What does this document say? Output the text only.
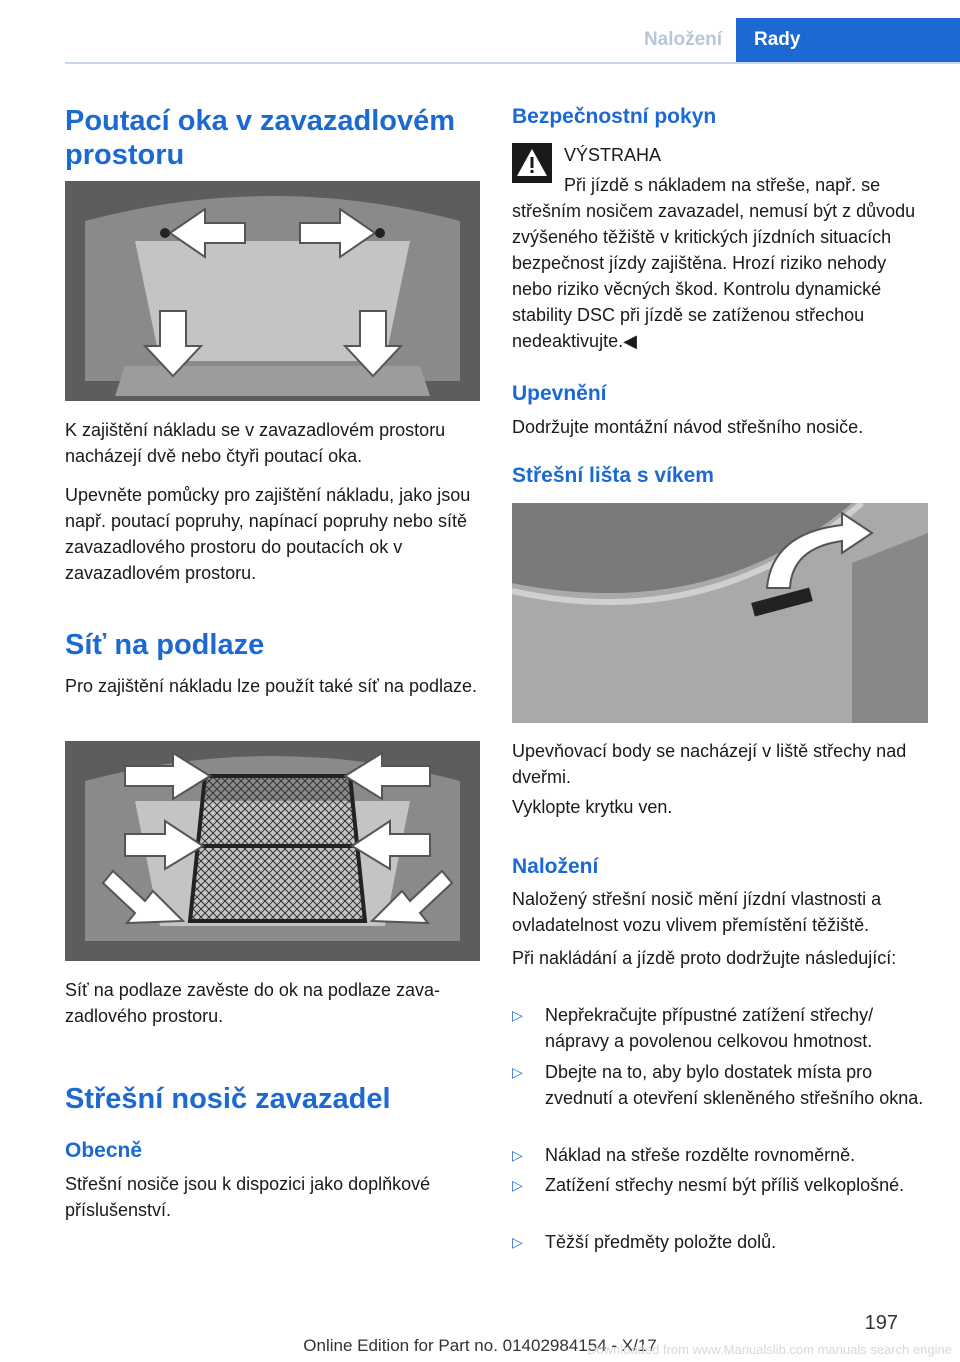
Naložení	Rady
Poutací oka v zavazadlovém prostoru

K zajištění nákladu se v zavazadlovém prostoru nacházejí dvě nebo čtyři poutací oka.

Upevněte pomůcky pro zajištění nákladu, jako jsou např. poutací popruhy, napínací popruhy nebo sítě zavazadlového prostoru do poutacích ok v zavazadlovém prostoru.

Síť na podlaze

Pro zajištění nákladu lze použít také síť na podlaze.

Síť na podlaze zavěste do ok na podlaze zavazadlového prostoru.

Střešní nosič zavazadel
Obecně

Střešní nosiče jsou k dispozici jako doplňkové příslušenství.

Bezpečnostní pokyn

VÝSTRAHA

Při jízdě s nákladem na střeše, např. se

střešním nosičem zavazadel, nemusí být z důvodu zvýšeného těžiště v kritických jízdních situacích bezpečnost jízdy zajištěna. Hrozí riziko nehody nebo riziko věcných škod. Kontrolu dynamické stability DSC při jízdě se zatíženou střechou nedeaktivujte.◀

Upevnění

Dodržujte montážní návod střešního nosiče.

Střešní lišta s víkem

Upevňovací body se nacházejí v liště střechy nad dveřmi.

Vyklopte krytku ven.

Naložení

Naložený střešní nosič mění jízdní vlastnosti a ovladatelnost vozu vlivem přemístění těžiště.

Při nakládání a jízdě proto dodržujte následující:

▷ Nepřekračujte přípustné zatížení střechy/ nápravy a povolenou celkovou hmotnost.
▷ Dbejte na to, aby bylo dostatek místa pro zvednutí a otevření skleněného střešního okna.
▷ Náklad na střeše rozdělte rovnoměrně.
▷ Zatížení střechy nesmí být příliš velkoplošné.
▷ Těžší předměty položte dolů.
197
Online Edition for Part no. 01402984154 - X/17
Downloaded from www.Manualslib.com manuals search engine
